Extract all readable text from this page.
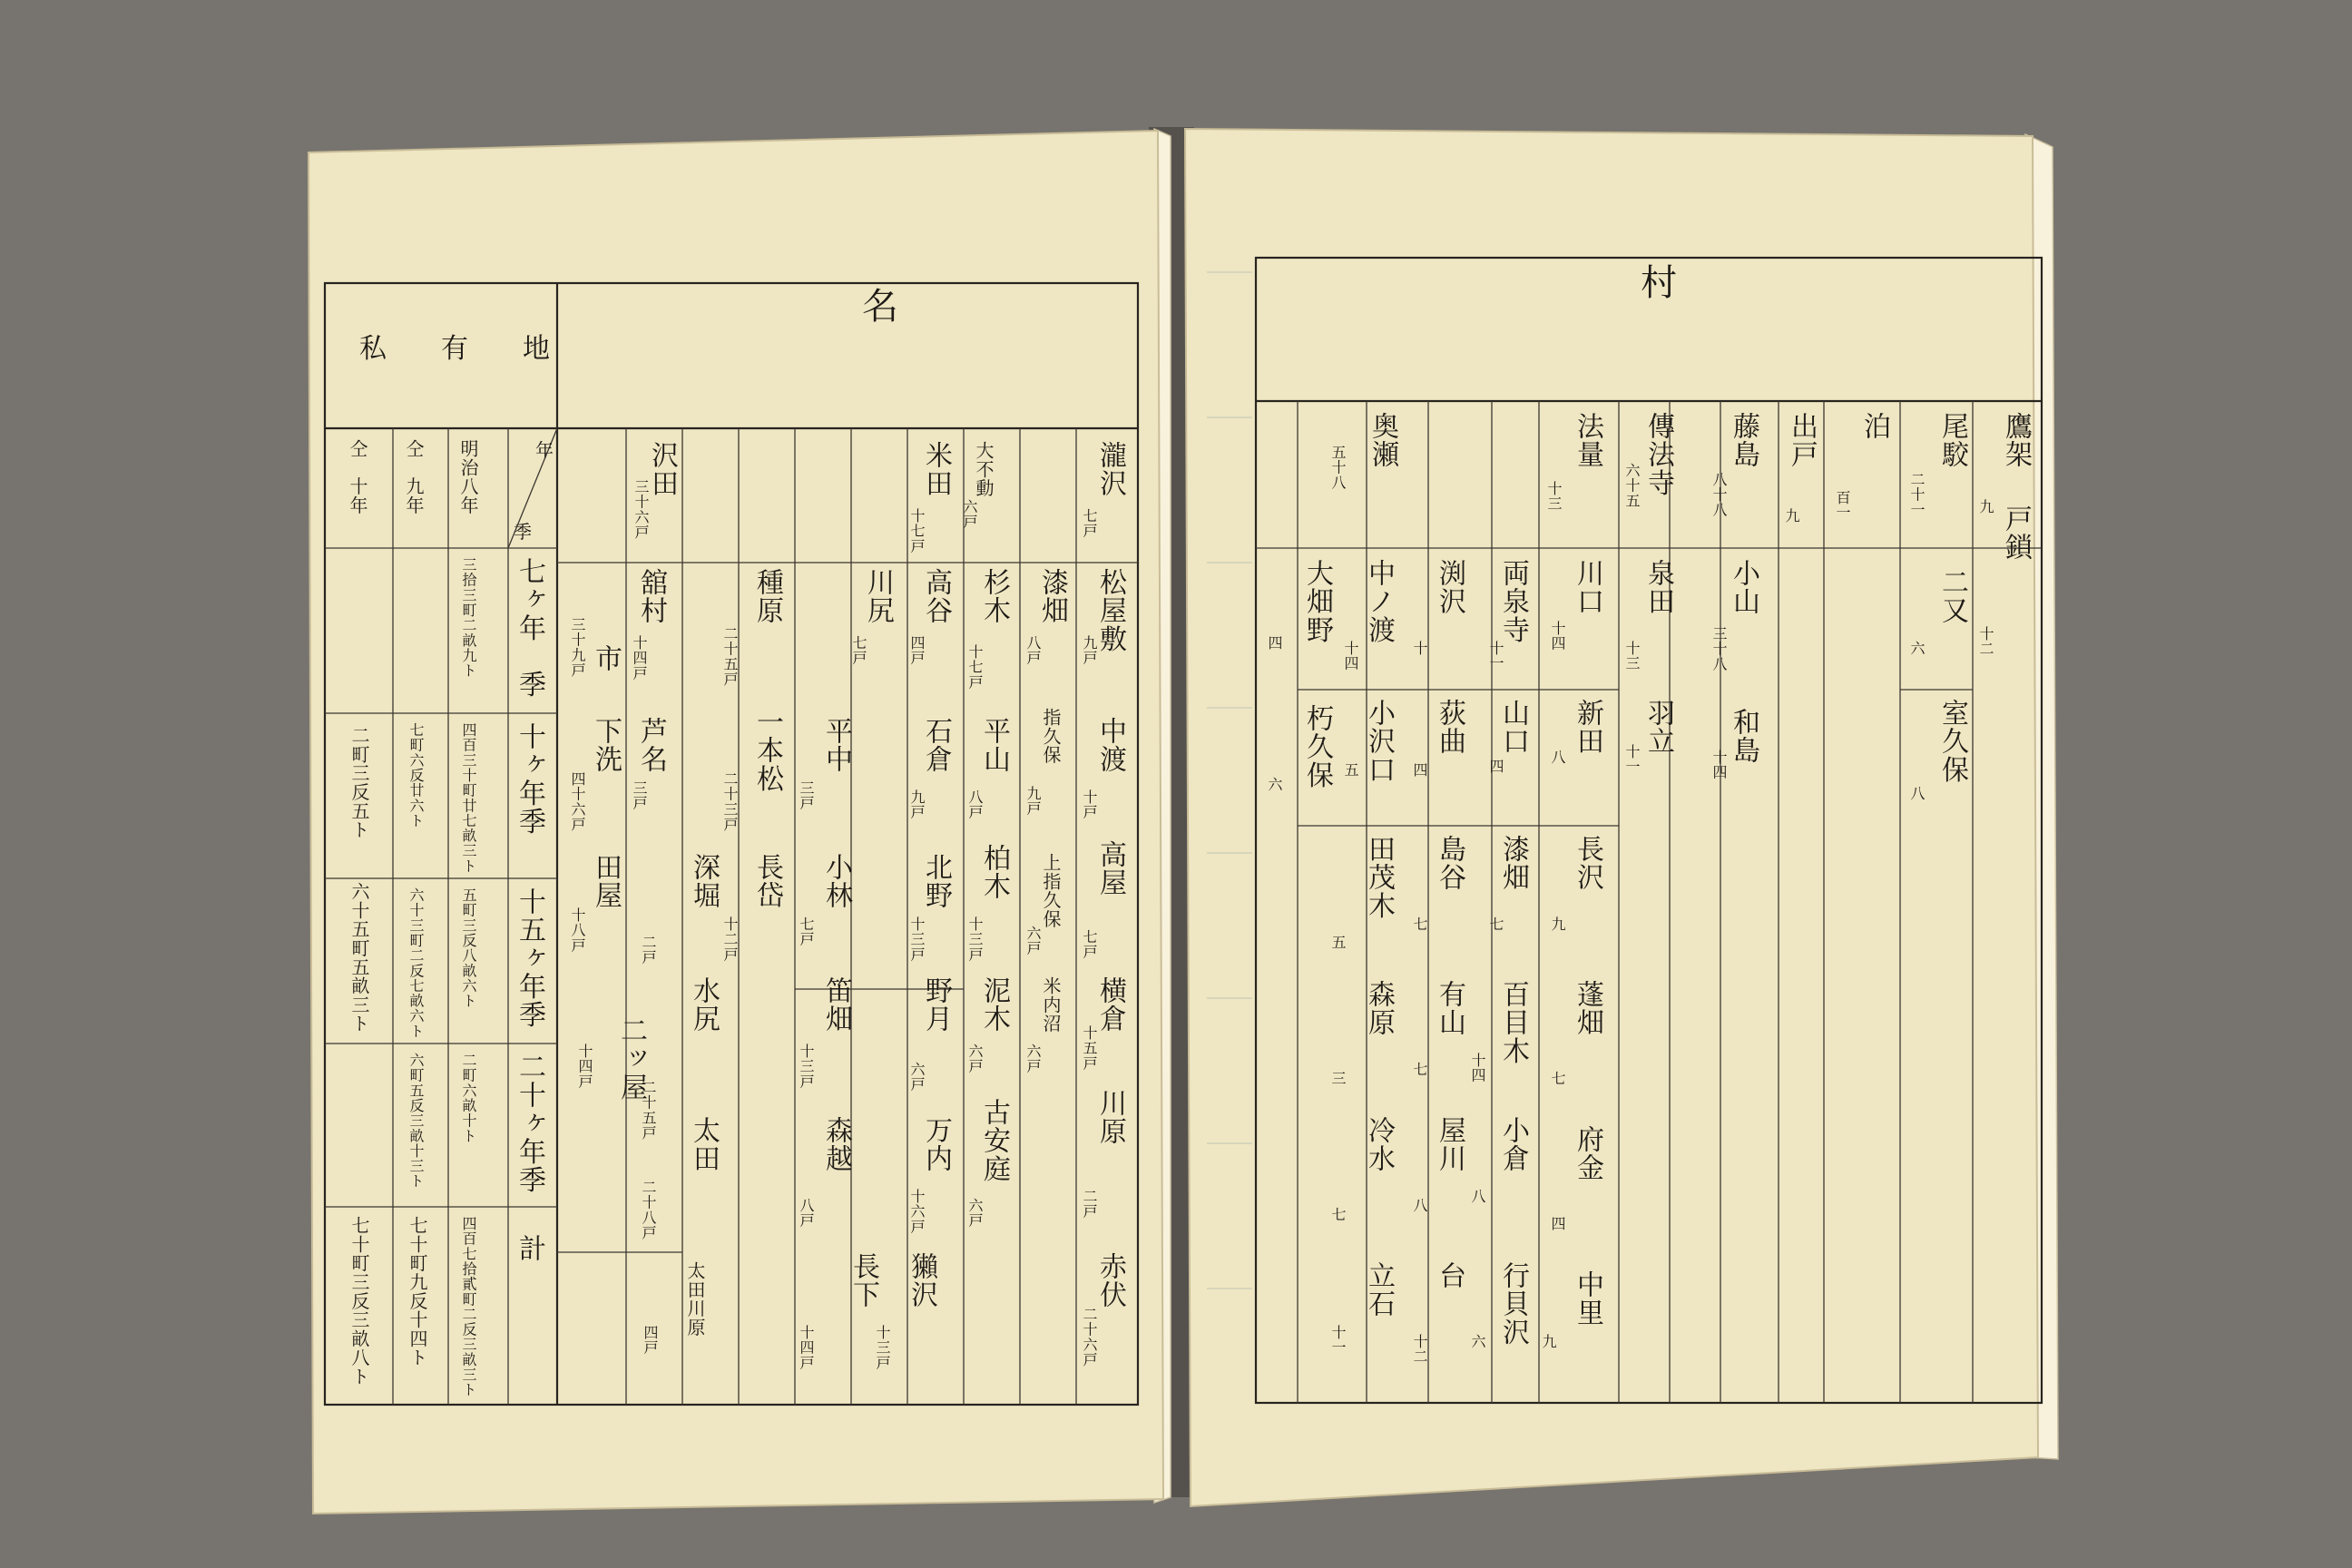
名
私　有　地
明治八年
仝　九年
仝　十年	年
季
七ヶ年　季
十ヶ年季
十五ヶ年季
二十ヶ年季
計
三拾三町二畝九ト
四百三十町廿七畝三ト
五町三反八畝六ト
二町六畝十ト
四百七拾貳町二反三畝三ト
七町六反廿六ト
六十三町二反七畝六ト
六町五反三畝十三ト
七十町九反十四ト
二町三反五ト
六十五町五畝三ト
七十町三反三畝八ト
瀧沢
七戸
松屋敷
九戸
中渡
十戸
高屋
七戸
横倉
十五戸
川原
二戸
赤伏
二十六戸
漆畑
八戸
指久保
九戸
上指久保
六戸
米内沼
六戸
大不動
六戸
杉木
十七戸
平山
八戸
柏木
十三戸
泥木
六戸
古安庭
六戸
米田
十七戸
高谷
四戸
石倉
九戸
北野
十三戸
野月
六戸
万内
十六戸
獺沢
十三戸
川尻
七戸
平中
三戸
小林
七戸
笛畑
十三戸
森越
八戸
長下
十四戸
種原
二十五戸
一本松
二十三戸
長岱
十二戸
沢田
三十六戸
舘村
十四戸
芦名
三戸
深堀
二戸
水尻
二十五戸
太田
二十八戸
太田川原
四戸
市
三十九戸
下洗
四十六戸
田屋
十八戸
二ッ屋
十四戸
村
鷹架
九 戸鎖
十二
尾駮
二十一
二又
六
室久保
八
泊
百一
出戸
九
藤島
八十八
小山
三十八
和島
十四
傳法寺
六十五
泉田
十三
羽立
十一
法量
十三
川口
十四
新田
八
長沢
九
蓬畑
七
府金
四
中里
九
奥瀬
五十八
両泉寺
十一
山口
四
漆畑
七
百目木
十四
小倉
八
行貝沢
六
渕沢
十
荻曲
四
島谷
七
有山
七
屋川
八
台
十二
中ノ渡
十四
小沢口
五
田茂木
五
森原
三
冷水
七
立石
十一
大畑野
四
朽久保
六
